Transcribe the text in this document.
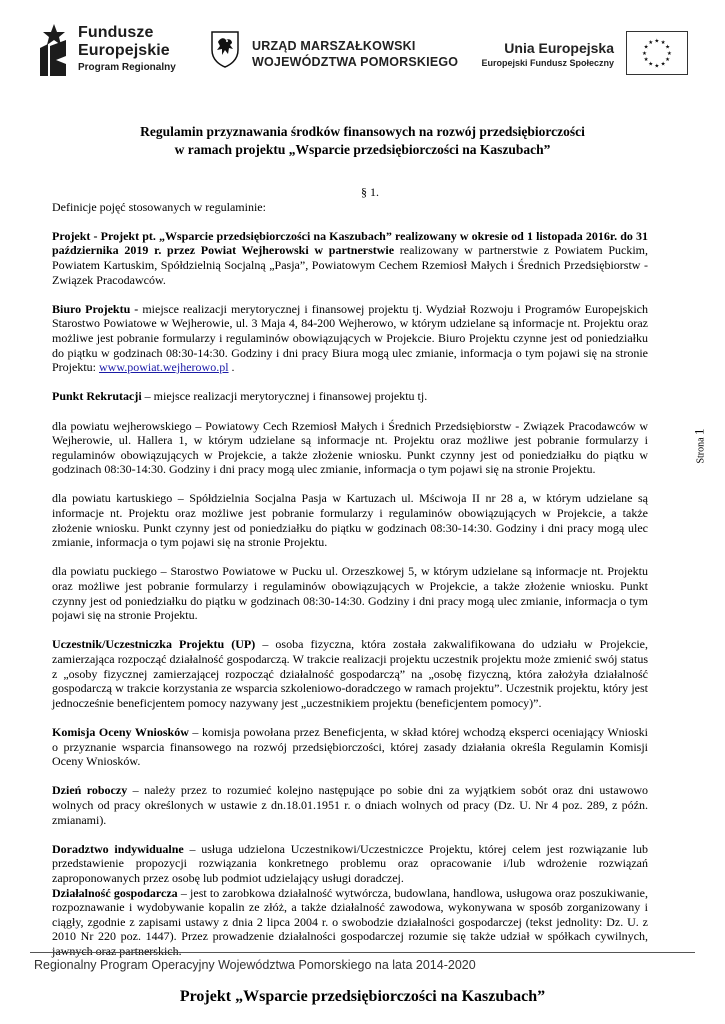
Fundusze
Europejskie
Program Regionalny
URZĄD MARSZAŁKOWSKI
WOJEWÓDZTWA POMORSKIEGO
Unia Europejska
Europejski Fundusz Społeczny
★ ★
★
★
★
★
★
★
★
★
★
★
Regulamin przyznawania środków finansowych na rozwój przedsiębiorczości
w ramach projektu „Wsparcie przedsiębiorczości na Kaszubach”
§ 1.
Definicje pojęć stosowanych w regulaminie:
Projekt - Projekt pt. „Wsparcie przedsiębiorczości na Kaszubach” realizowany w okresie od 1 listopada 2016r. do 31 października 2019 r. przez Powiat Wejherowski w partnerstwie realizowany w partnerstwie z Powiatem Puckim, Powiatem Kartuskim, Spółdzielnią Socjalną „Pasja”, Powiatowym Cechem Rzemiosł Małych i Średnich Przedsiębiorstw -Związek Pracodawców.
Biuro Projektu - miejsce realizacji merytorycznej i finansowej projektu tj. Wydział Rozwoju i Programów Europejskich Starostwo Powiatowe w Wejherowie, ul. 3 Maja 4, 84-200 Wejherowo, w którym udzielane są informacje nt. Projektu oraz możliwe jest pobranie formularzy i regulaminów obowiązujących w Projekcie. Biuro Projektu czynne jest od poniedziałku do piątku w godzinach 08:30-14:30. Godziny i dni pracy Biura mogą ulec zmianie, informacja o tym pojawi się na stronie Projektu: www.powiat.wejherowo.pl .
Punkt Rekrutacji – miejsce realizacji merytorycznej i finansowej projektu tj.
dla powiatu wejherowskiego – Powiatowy Cech Rzemiosł Małych i Średnich Przedsiębiorstw - Związek Pracodawców w Wejherowie, ul. Hallera 1, w którym udzielane są informacje nt. Projektu oraz możliwe jest pobranie formularzy i regulaminów obowiązujących w Projekcie, a także złożenie wniosku. Punkt czynny jest od poniedziałku do piątku w godzinach 08:30-14:30. Godziny i dni pracy mogą ulec zmianie, informacja o tym pojawi się na stronie Projektu.
dla powiatu kartuskiego – Spółdzielnia Socjalna Pasja w Kartuzach ul. Mściwoja II nr 28 a, w którym udzielane są informacje nt. Projektu oraz możliwe jest pobranie formularzy i regulaminów obowiązujących w Projekcie, a także złożenie wniosku. Punkt czynny jest od poniedziałku do piątku w godzinach 08:30-14:30. Godziny i dni pracy mogą ulec zmianie, informacja o tym pojawi się na stronie Projektu.
dla powiatu puckiego – Starostwo Powiatowe w Pucku ul. Orzeszkowej 5, w którym udzielane są informacje nt. Projektu oraz możliwe jest pobranie formularzy i regulaminów obowiązujących w Projekcie, a także złożenie wniosku. Punkt czynny jest od poniedziałku do piątku w godzinach 08:30-14:30. Godziny i dni pracy mogą ulec zmianie, informacja o tym pojawi się na stronie Projektu.
Uczestnik/Uczestniczka Projektu (UP) – osoba fizyczna, która została zakwalifikowana do udziału w Projekcie, zamierzająca rozpocząć działalność gospodarczą. W trakcie realizacji projektu uczestnik projektu może zmienić swój status z „osoby fizycznej zamierzającej rozpocząć działalność gospodarczą” na „osobę fizyczną, która założyła działalność gospodarczą w trakcie korzystania ze wsparcia szkoleniowo-doradczego w ramach projektu”. Uczestnik projektu, który jest jednocześnie beneficjentem pomocy nazywany jest „uczestnikiem projektu (beneficjentem pomocy)”.
Komisja Oceny Wniosków – komisja powołana przez Beneficjenta, w skład której wchodzą eksperci oceniający Wnioski o przyznanie wsparcia finansowego na rozwój przedsiębiorczości, której zasady działania określa Regulamin Komisji Oceny Wniosków.
Dzień roboczy – należy przez to rozumieć kolejno następujące po sobie dni za wyjątkiem sobót oraz dni ustawowo wolnych od pracy określonych w ustawie z dn.18.01.1951 r. o dniach wolnych od pracy (Dz. U. Nr 4 poz. 289, z późn. zmianami).
Doradztwo indywidualne – usługa udzielona Uczestnikowi/Uczestniczce Projektu, której celem jest rozwiązanie lub przedstawienie propozycji rozwiązania konkretnego problemu oraz opracowanie i/lub wdrożenie rozwiązań zaproponowanych przez osobę lub podmiot udzielający usługi doradczej.
Działalność gospodarcza – jest to zarobkowa działalność wytwórcza, budowlana, handlowa, usługowa oraz poszukiwanie, rozpoznawanie i wydobywanie kopalin ze złóż, a także działalność zawodowa, wykonywana w sposób zorganizowany i ciągły, zgodnie z zapisami ustawy z dnia 2 lipca 2004 r. o swobodzie działalności gospodarczej (tekst jednolity: Dz. U. z 2010 Nr 220 poz. 1447). Przez prowadzenie działalności gospodarczej rozumie się także udział w spółkach cywilnych, jawnych oraz partnerskich.
Strona 1
Regionalny Program Operacyjny Województwa Pomorskiego na lata 2014-2020
Projekt „Wsparcie przedsiębiorczości na Kaszubach”
